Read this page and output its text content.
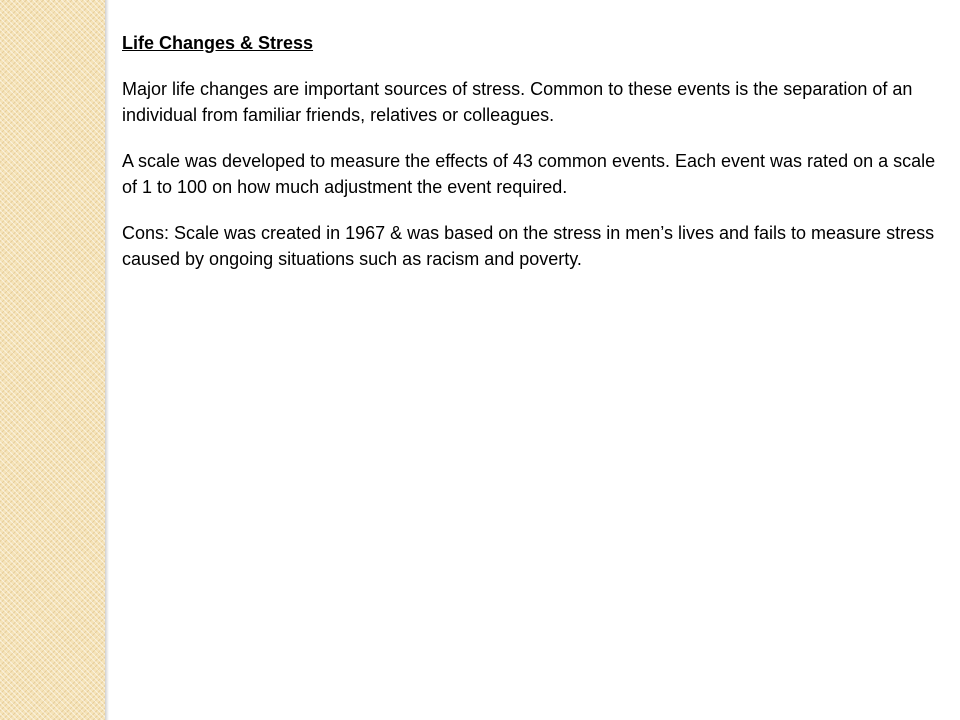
Life Changes & Stress

Major life changes are important sources of stress. Common to these events is the separation of an individual from familiar friends, relatives or colleagues.

A scale was developed to measure the effects of 43 common events. Each event was rated on a scale of 1 to 100 on how much adjustment the event required.

Cons: Scale was created in 1967 & was based on the stress in men’s lives and fails to measure stress caused by ongoing situations such as racism and poverty.
